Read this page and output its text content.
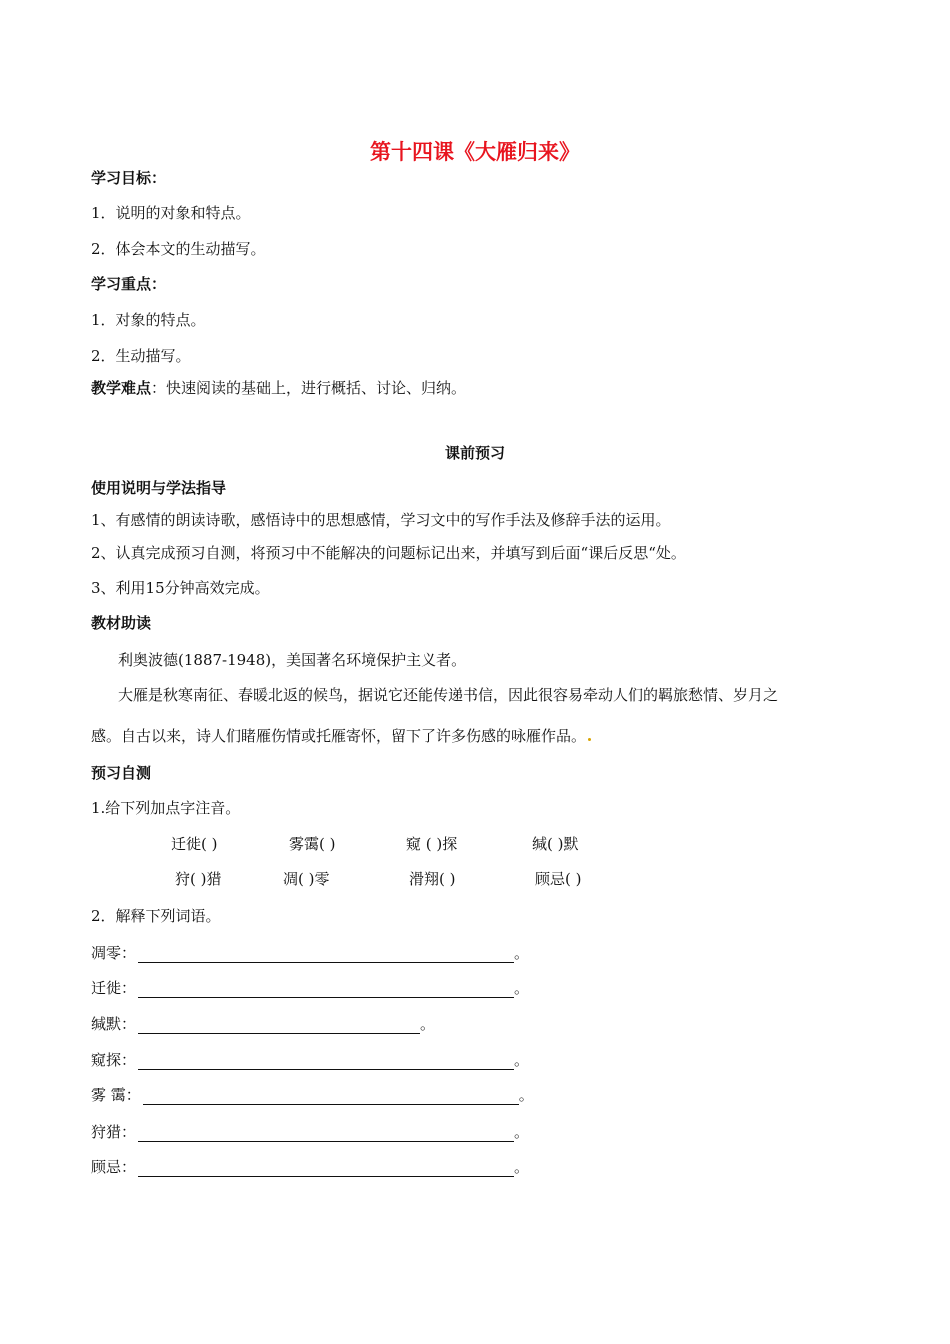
第十四课《大雁归来》
学习目标：
1．说明的对象和特点。
2．体会本文的生动描写。
学习重点：
1．对象的特点。
2．生动描写。
教学难点：快速阅读的基础上，进行概括、讨论、归纳。
课前预习
使用说明与学法指导
1、有感情的朗读诗歌，感悟诗中的思想感情，学习文中的写作手法及修辞手法的运用。
2、认真完成预习自测，将预习中不能解决的问题标记出来，并填写到后面“课后反思“处。
3、利用15分钟高效完成。
教材助读
利奥波德(1887-1948)，美国著名环境保护主义者。
大雁是秋寒南征、春暖北返的候鸟，据说它还能传递书信，因此很容易牵动人们的羁旅愁情、岁月之
感。自古以来，诗人们睹雁伤情或托雁寄怀，留下了许多伤感的咏雁作品。
预习自测
1.给下列加点字注音。
迁徙( )	雾霭( )	窥 ( )探	缄( )默
狩( )猎	凋( )零	滑翔( )	顾忌( )
2．解释下列词语。
凋零：	。
迁徙：	。
缄默：	。
窥探：	。
雾 霭：	。
狩猎：	。
顾忌：	。
